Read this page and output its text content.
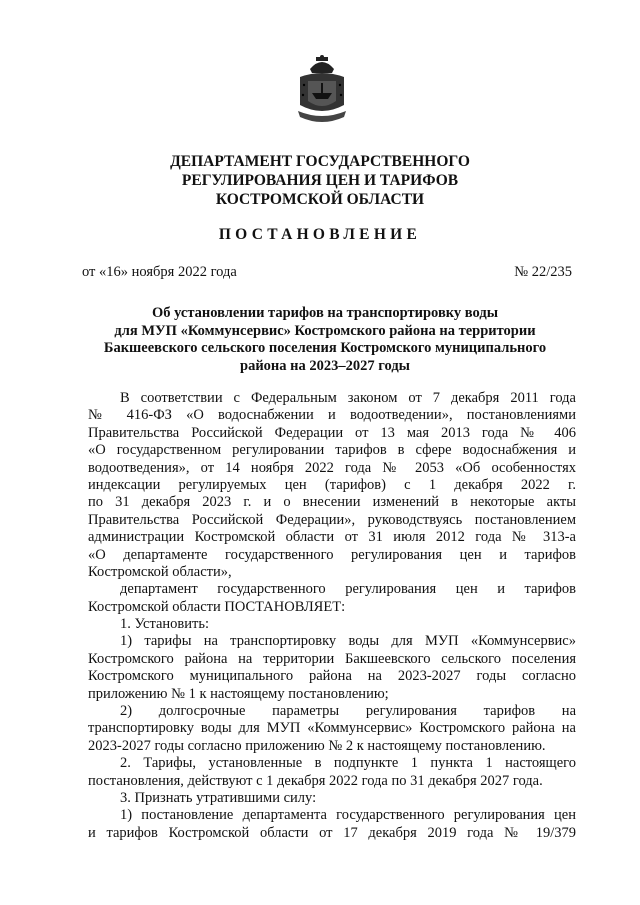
ДЕПАРТАМЕНТ ГОСУДАРСТВЕННОГО
РЕГУЛИРОВАНИЯ ЦЕН И ТАРИФОВ
КОСТРОМСКОЙ ОБЛАСТИ
ПОСТАНОВЛЕНИЕ
от «16» ноября 2022 года	№ 22/235
Об установлении тарифов на транспортировку воды
для МУП «Коммунсервис» Костромского района на территории
Бакшеевского сельского поселения Костромского муниципального
района на 2023–2027 годы
В соответствии с Федеральным законом от 7 декабря 2011 года
№ 416-ФЗ «О водоснабжении и водоотведении», постановлениями
Правительства Российской Федерации от 13 мая 2013 года № 406
«О государственном регулировании тарифов в сфере водоснабжения и
водоотведения», от 14 ноября 2022 года № 2053 «Об особенностях
индексации регулируемых цен (тарифов) с 1 декабря 2022 г.
по 31 декабря 2023 г. и о внесении изменений в некоторые акты
Правительства Российской Федерации», руководствуясь постановлением
администрации Костромской области от 31 июля 2012 года № 313-а
«О департаменте государственного регулирования цен и тарифов
Костромской области»,
департамент государственного регулирования цен и тарифов
Костромской области ПОСТАНОВЛЯЕТ:
1. Установить:
1) тарифы на транспортировку воды для МУП «Коммунсервис»
Костромского района на территории Бакшеевского сельского поселения
Костромского муниципального района на 2023-2027 годы согласно
приложению № 1 к настоящему постановлению;
2) долгосрочные параметры регулирования тарифов на
транспортировку воды для МУП «Коммунсервис» Костромского района на
2023-2027 годы согласно приложению № 2 к настоящему постановлению.
2. Тарифы, установленные в подпункте 1 пункта 1 настоящего
постановления, действуют с 1 декабря 2022 года по 31 декабря 2027 года.
3. Признать утратившими силу:
1) постановление департамента государственного регулирования цен
и тарифов Костромской области от 17 декабря 2019 года № 19/379
